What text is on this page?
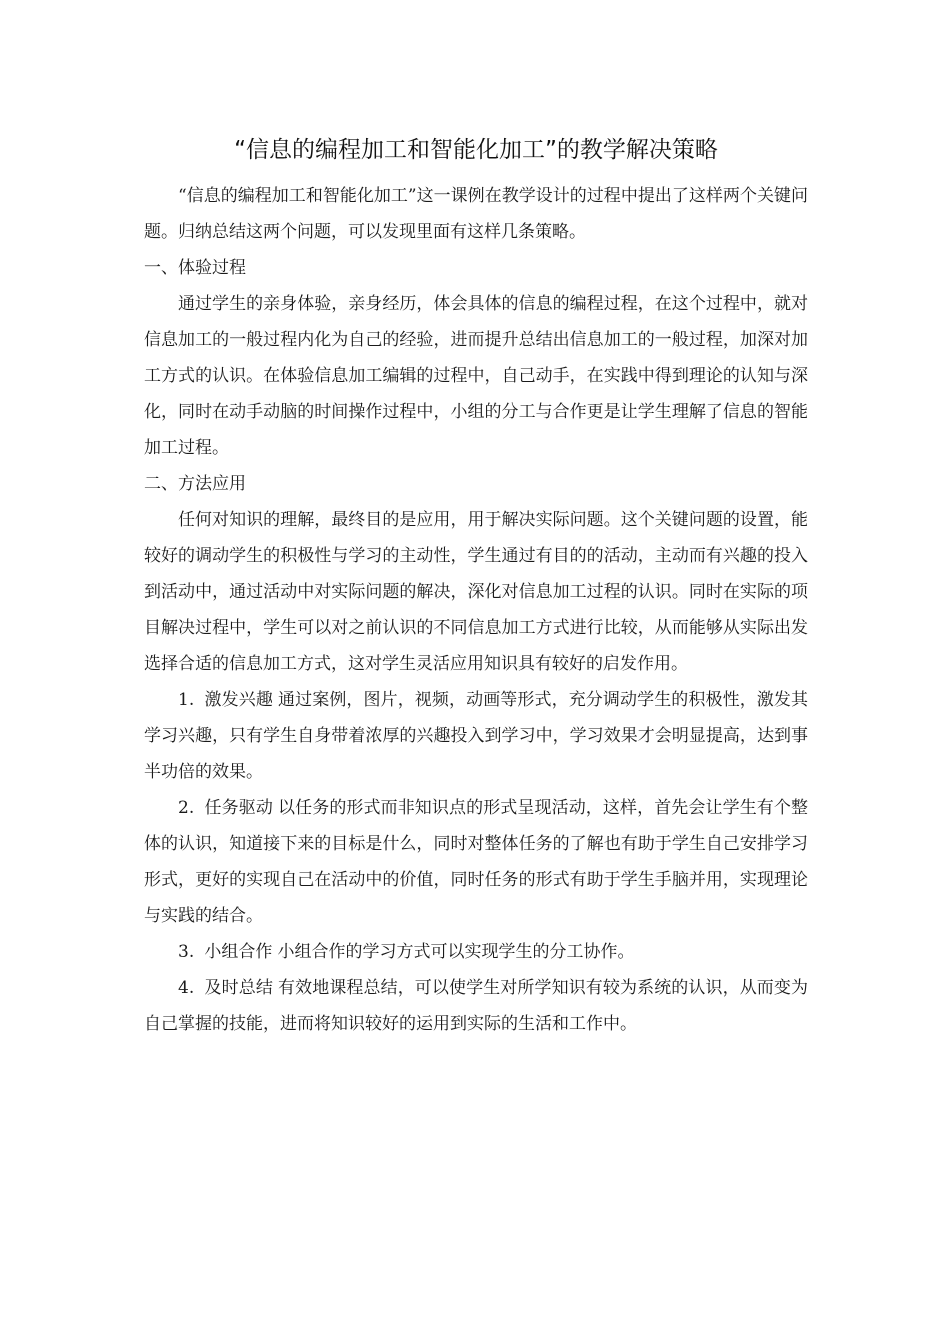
“信息的编程加工和智能化加工”的教学解决策略

“信息的编程加工和智能化加工”这一课例在教学设计的过程中提出了这样两个关键问题。归纳总结这两个问题，可以发现里面有这样几条策略。

一、体验过程

通过学生的亲身体验，亲身经历，体会具体的信息的编程过程，在这个过程中，就对信息加工的一般过程内化为自己的经验，进而提升总结出信息加工的一般过程，加深对加工方式的认识。在体验信息加工编辑的过程中，自己动手，在实践中得到理论的认知与深化，同时在动手动脑的时间操作过程中，小组的分工与合作更是让学生理解了信息的智能加工过程。

二、方法应用

任何对知识的理解，最终目的是应用，用于解决实际问题。这个关键问题的设置，能较好的调动学生的积极性与学习的主动性，学生通过有目的的活动，主动而有兴趣的投入到活动中，通过活动中对实际问题的解决，深化对信息加工过程的认识。同时在实际的项目解决过程中，学生可以对之前认识的不同信息加工方式进行比较，从而能够从实际出发选择合适的信息加工方式，这对学生灵活应用知识具有较好的启发作用。

1. 激发兴趣 通过案例，图片，视频，动画等形式，充分调动学生的积极性，激发其学习兴趣，只有学生自身带着浓厚的兴趣投入到学习中，学习效果才会明显提高，达到事半功倍的效果。

2. 任务驱动 以任务的形式而非知识点的形式呈现活动，这样，首先会让学生有个整体的认识，知道接下来的目标是什么，同时对整体任务的了解也有助于学生自己安排学习形式，更好的实现自己在活动中的价值，同时任务的形式有助于学生手脑并用，实现理论与实践的结合。

3. 小组合作 小组合作的学习方式可以实现学生的分工协作。

4. 及时总结 有效地课程总结，可以使学生对所学知识有较为系统的认识，从而变为自己掌握的技能，进而将知识较好的运用到实际的生活和工作中。
